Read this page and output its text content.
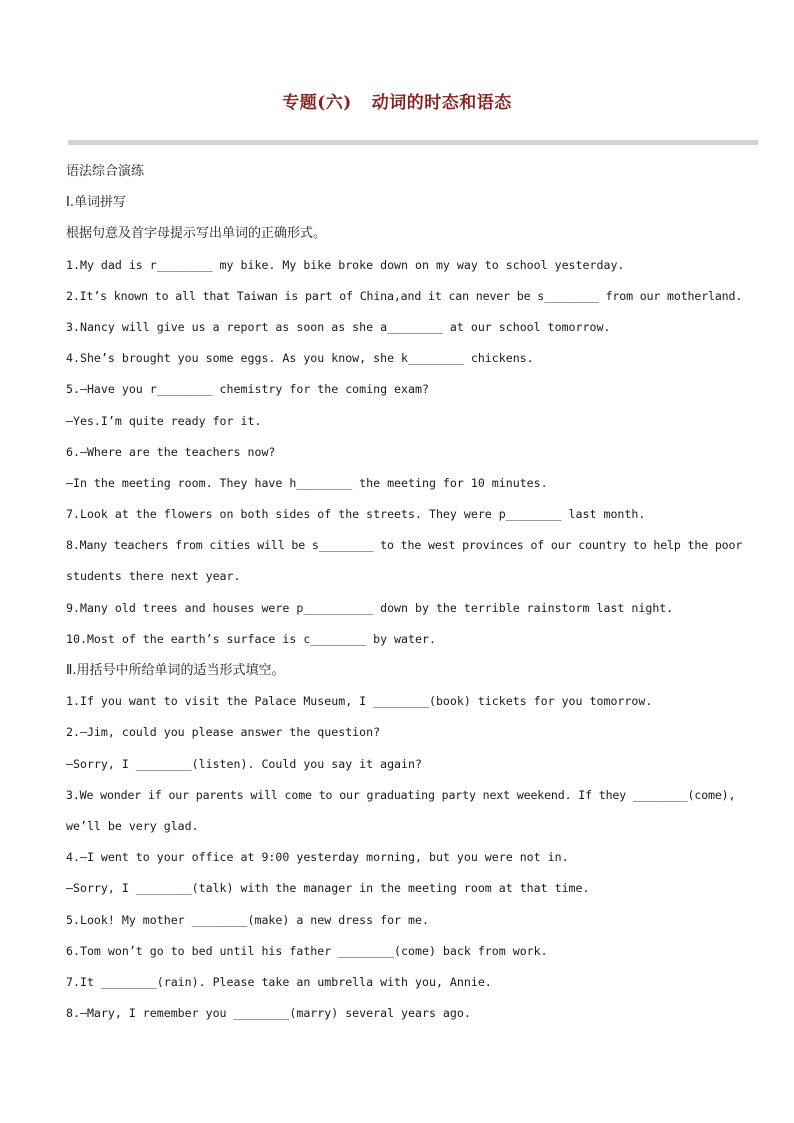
专题(六) 动词的时态和语态
语法综合演练
Ⅰ.单词拼写
根据句意及首字母提示写出单词的正确形式。
1.My dad is r________ my bike. My bike broke down on my way to school yesterday.
2.It’s known to all that Taiwan is part of China,and it can never be s________ from our motherland.
3.Nancy will give us a report as soon as she a________ at our school tomorrow.
4.She’s brought you some eggs. As you know, she k________ chickens.
5.—Have you r________ chemistry for the coming exam?
—Yes.I’m quite ready for it.
6.—Where are the teachers now?
—In the meeting room. They have h________ the meeting for 10 minutes.
7.Look at the flowers on both sides of the streets. They were p________ last month.
8.Many teachers from cities will be s________ to the west provinces of our country to help the poor
students there next year.
9.Many old trees and houses were p__________ down by the terrible rainstorm last night.
10.Most of the earth’s surface is c________ by water.
Ⅱ.用括号中所给单词的适当形式填空。
1.If you want to visit the Palace Museum, I ________(book) tickets for you tomorrow.
2.—Jim, could you please answer the question?
—Sorry, I ________(listen). Could you say it again?
3.We wonder if our parents will come to our graduating party next weekend. If they ________(come),
we’ll be very glad.
4.—I went to your office at 9:00 yesterday morning, but you were not in.
—Sorry, I ________(talk) with the manager in the meeting room at that time.
5.Look! My mother ________(make) a new dress for me.
6.Tom won’t go to bed until his father ________(come) back from work.
7.It ________(rain). Please take an umbrella with you, Annie.
8.—Mary, I remember you ________(marry) several years ago.
